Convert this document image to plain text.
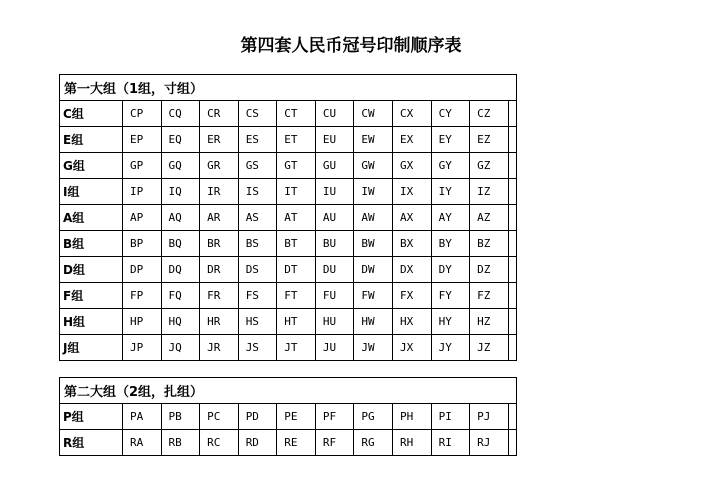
第四套人民币冠号印制顺序表
第一大组（1组，寸组）											
C组	CP	CQ	CR	CS	CT	CU	CW	CX	CY	CZ	
E组	EP	EQ	ER	ES	ET	EU	EW	EX	EY	EZ	
G组	GP	GQ	GR	GS	GT	GU	GW	GX	GY	GZ	
I组	IP	IQ	IR	IS	IT	IU	IW	IX	IY	IZ	
A组	AP	AQ	AR	AS	AT	AU	AW	AX	AY	AZ	
B组	BP	BQ	BR	BS	BT	BU	BW	BX	BY	BZ	
D组	DP	DQ	DR	DS	DT	DU	DW	DX	DY	DZ	
F组	FP	FQ	FR	FS	FT	FU	FW	FX	FY	FZ	
H组	HP	HQ	HR	HS	HT	HU	HW	HX	HY	HZ	
J组	JP	JQ	JR	JS	JT	JU	JW	JX	JY	JZ	
第二大组（2组，扎组）											
P组	PA	PB	PC	PD	PE	PF	PG	PH	PI	PJ	
R组	RA	RB	RC	RD	RE	RF	RG	RH	RI	RJ	
